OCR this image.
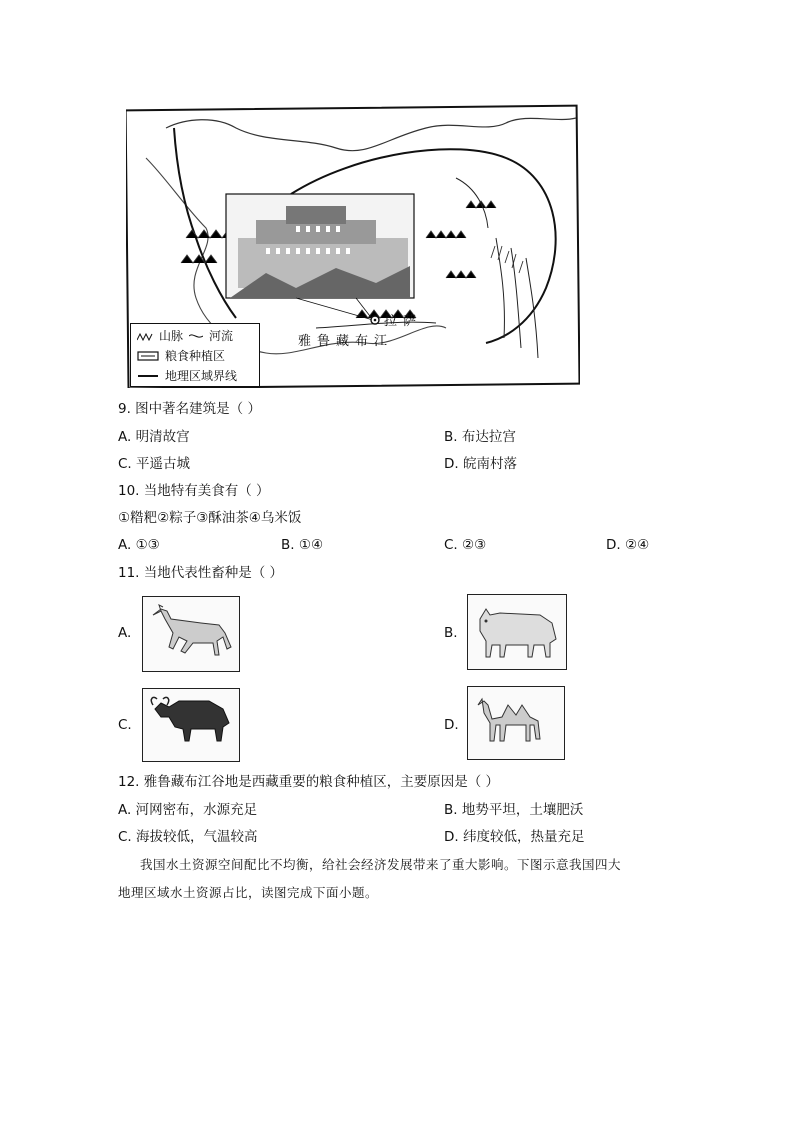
拉萨
雅鲁藏布江
山脉 河流
粮食种植区
地理区域界线
9. 图中著名建筑是（ ）
A. 明清故宫	B. 布达拉宫
C. 平遥古城	D. 皖南村落
10. 当地特有美食有（ ）
①糌粑②粽子③酥油茶④乌米饭
A. ①③	B. ①④	C. ②③	D. ②④
11. 当地代表性畜种是（ ）
A.	B.
C.	D.
12. 雅鲁藏布江谷地是西藏重要的粮食种植区，主要原因是（ ）
A. 河网密布，水源充足	B. 地势平坦，土壤肥沃
C. 海拔较低，气温较高	D. 纬度较低，热量充足
我国水土资源空间配比不均衡，给社会经济发展带来了重大影响。下图示意我国四大
地理区域水土资源占比，读图完成下面小题。
